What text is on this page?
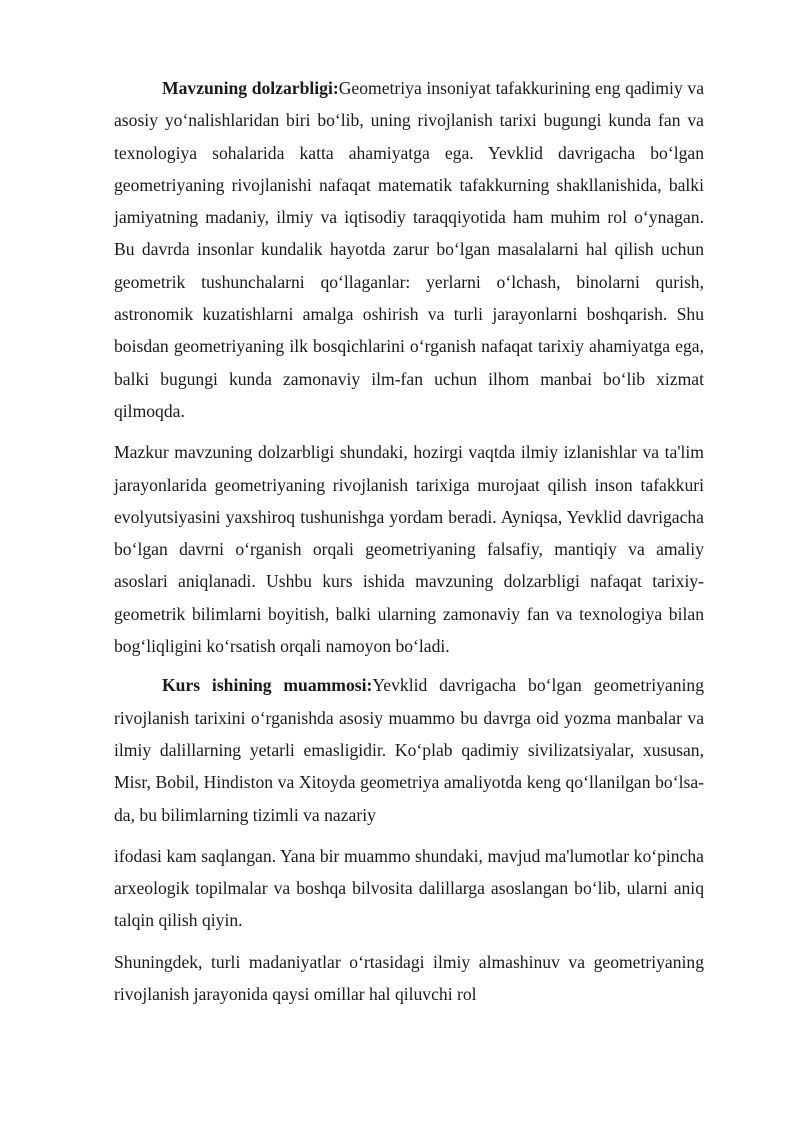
Mavzuning dolzarbligi:Geometriya insoniyat tafakkurining eng qadimiy va asosiy yo‘nalishlaridan biri bo‘lib, uning rivojlanish tarixi bugungi kunda fan va texnologiya sohalarida katta ahamiyatga ega. Yevklid davrigacha bo‘lgan geometriyaning rivojlanishi nafaqat matematik tafakkurning shakllanishida, balki jamiyatning madaniy, ilmiy va iqtisodiy taraqqiyotida ham muhim rol o‘ynagan. Bu davrda insonlar kundalik hayotda zarur bo‘lgan masalalarni hal qilish uchun geometrik tushunchalarni qo‘llaganlar: yerlarni o‘lchash, binolarni qurish, astronomik kuzatishlarni amalga oshirish va turli jarayonlarni boshqarish. Shu boisdan geometriyaning ilk bosqichlarini o‘rganish nafaqat tarixiy ahamiyatga ega, balki bugungi kunda zamonaviy ilm-fan uchun ilhom manbai bo‘lib xizmat qilmoqda.

Mazkur mavzuning dolzarbligi shundaki, hozirgi vaqtda ilmiy izlanishlar va ta'lim jarayonlarida geometriyaning rivojlanish tarixiga murojaat qilish inson tafakkuri evolyutsiyasini yaxshiroq tushunishga yordam beradi. Ayniqsa, Yevklid davrigacha bo‘lgan davrni o‘rganish orqali geometriyaning falsafiy, mantiqiy va amaliy asoslari aniqlanadi. Ushbu kurs ishida mavzuning dolzarbligi nafaqat tarixiy-geometrik bilimlarni boyitish, balki ularning zamonaviy fan va texnologiya bilan bog‘liqligini ko‘rsatish orqali namoyon bo‘ladi.

Kurs ishining muammosi:Yevklid davrigacha bo‘lgan geometriyaning rivojlanish tarixini o‘rganishda asosiy muammo bu davrga oid yozma manbalar va ilmiy dalillarning yetarli emasligidir. Ko‘plab qadimiy sivilizatsiyalar, xususan, Misr, Bobil, Hindiston va Xitoyda geometriya amaliyotda keng qo‘llanilgan bo‘lsa-da, bu bilimlarning tizimli va nazariy

ifodasi kam saqlangan. Yana bir muammo shundaki, mavjud ma'lumotlar ko‘pincha arxeologik topilmalar va boshqa bilvosita dalillarga asoslangan bo‘lib, ularni aniq talqin qilish qiyin.

Shuningdek, turli madaniyatlar o‘rtasidagi ilmiy almashinuv va geometriyaning rivojlanish jarayonida qaysi omillar hal qiluvchi rol
